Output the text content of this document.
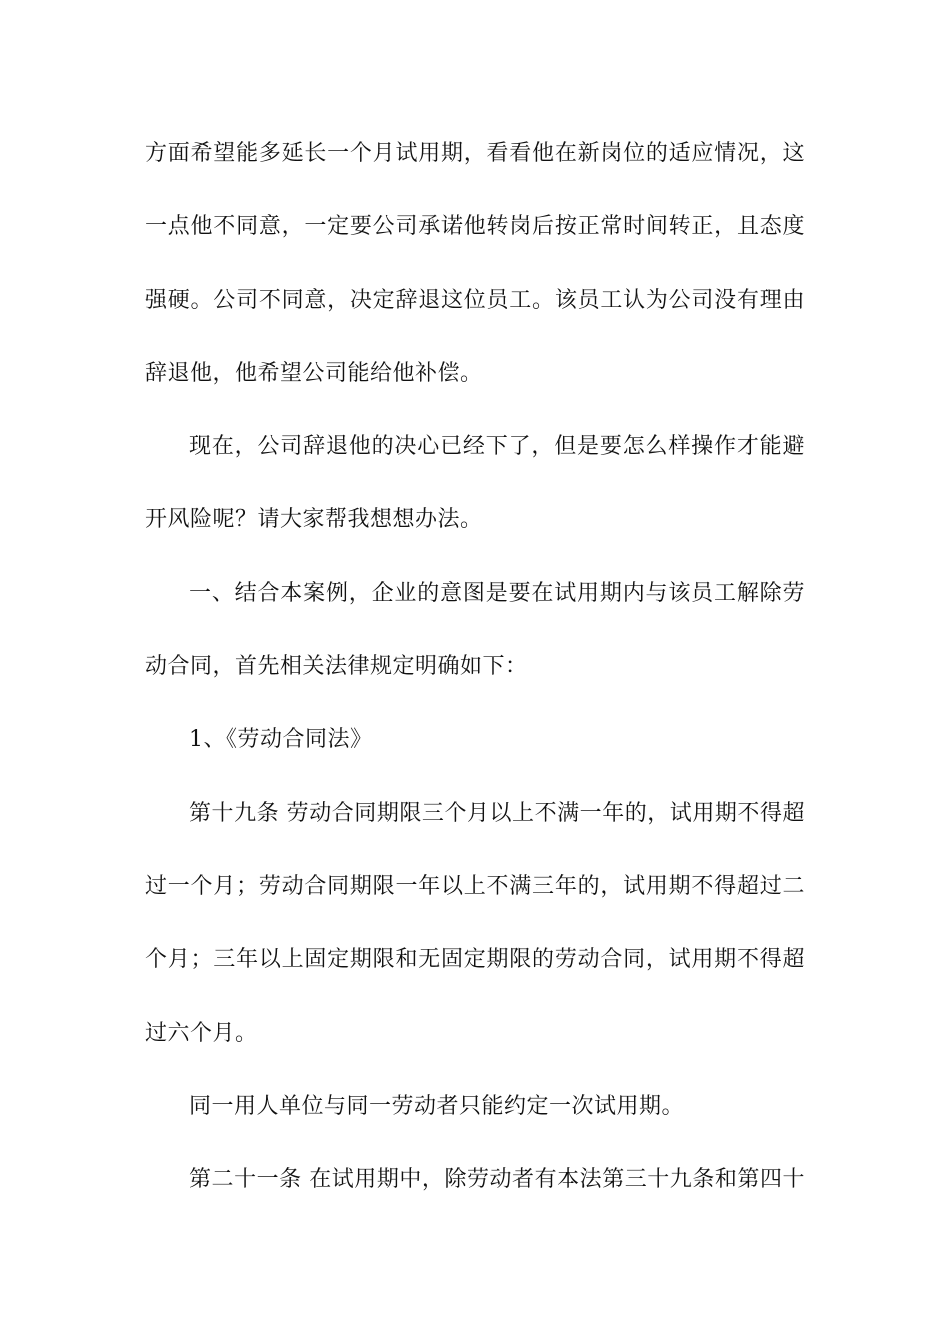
方面希望能多延长一个月试用期，看看他在新岗位的适应情况，这
一点他不同意，一定要公司承诺他转岗后按正常时间转正，且态度
强硬。公司不同意，决定辞退这位员工。该员工认为公司没有理由
辞退他，他希望公司能给他补偿。
现在，公司辞退他的决心已经下了，但是要怎么样操作才能避
开风险呢？请大家帮我想想办法。
一、结合本案例，企业的意图是要在试用期内与该员工解除劳
动合同，首先相关法律规定明确如下：
1、《劳动合同法》
第十九条 劳动合同期限三个月以上不满一年的，试用期不得超
过一个月；劳动合同期限一年以上不满三年的，试用期不得超过二
个月；三年以上固定期限和无固定期限的劳动合同，试用期不得超
过六个月。
同一用人单位与同一劳动者只能约定一次试用期。
第二十一条 在试用期中，除劳动者有本法第三十九条和第四十
